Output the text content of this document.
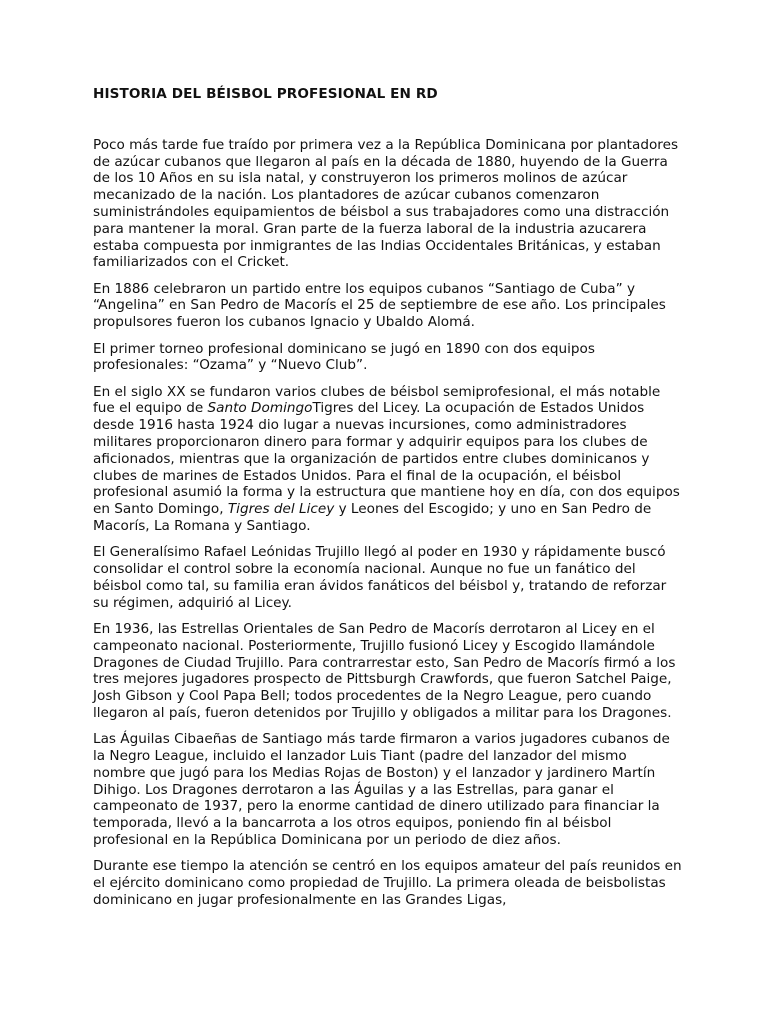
HISTORIA DEL BÉISBOL PROFESIONAL EN RD

Poco más tarde fue traído por primera vez a la República Dominicana por plantadores de azúcar cubanos que llegaron al país en la década de 1880, huyendo de la Guerra de los 10 Años en su isla natal, y construyeron los primeros molinos de azúcar mecanizado de la nación. Los plantadores de azúcar cubanos comenzaron suministrándoles equipamientos de béisbol a sus trabajadores como una distracción para mantener la moral. Gran parte de la fuerza laboral de la industria azucarera estaba compuesta por inmigrantes de las Indias Occidentales Británicas, y estaban familiarizados con el Cricket.

En 1886 celebraron un partido entre los equipos cubanos “Santiago de Cuba” y “Angelina” en San Pedro de Macorís el 25 de septiembre de ese año. Los principales propulsores fueron los cubanos Ignacio y Ubaldo Alomá.

El primer torneo profesional dominicano se jugó en 1890 con dos equipos profesionales: “Ozama” y “Nuevo Club”.

En el siglo XX se fundaron varios clubes de béisbol semiprofesional, el más notable fue el equipo de Santo DomingoTigres del Licey. La ocupación de Estados Unidos desde 1916 hasta 1924 dio lugar a nuevas incursiones, como administradores militares proporcionaron dinero para formar y adquirir equipos para los clubes de aficionados, mientras que la organización de partidos entre clubes dominicanos y clubes de marines de Estados Unidos. Para el final de la ocupación, el béisbol profesional asumió la forma y la estructura que mantiene hoy en día, con dos equipos en Santo Domingo, Tigres del Licey y Leones del Escogido; y uno en San Pedro de Macorís, La Romana y Santiago.

El Generalísimo Rafael Leónidas Trujillo llegó al poder en 1930 y rápidamente buscó consolidar el control sobre la economía nacional. Aunque no fue un fanático del béisbol como tal, su familia eran ávidos fanáticos del béisbol y, tratando de reforzar su régimen, adquirió al Licey.

En 1936, las Estrellas Orientales de San Pedro de Macorís derrotaron al Licey en el campeonato nacional. Posteriormente, Trujillo fusionó Licey y Escogido llamándole Dragones de Ciudad Trujillo. Para contrarrestar esto, San Pedro de Macorís firmó a los tres mejores jugadores prospecto de Pittsburgh Crawfords, que fueron Satchel Paige, Josh Gibson y Cool Papa Bell; todos procedentes de la Negro League, pero cuando llegaron al país, fueron detenidos por Trujillo y obligados a militar para los Dragones.

Las Águilas Cibaeñas de Santiago más tarde firmaron a varios jugadores cubanos de la Negro League, incluido el lanzador Luis Tiant (padre del lanzador del mismo nombre que jugó para los Medias Rojas de Boston) y el lanzador y jardinero Martín Dihigo. Los Dragones derrotaron a las Águilas y a las Estrellas, para ganar el campeonato de 1937, pero la enorme cantidad de dinero utilizado para financiar la temporada, llevó a la bancarrota a los otros equipos, poniendo fin al béisbol profesional en la República Dominicana por un periodo de diez años.

Durante ese tiempo la atención se centró en los equipos amateur del país reunidos en el ejército dominicano como propiedad de Trujillo. La primera oleada de beisbolistas dominicano en jugar profesionalmente en las Grandes Ligas,
